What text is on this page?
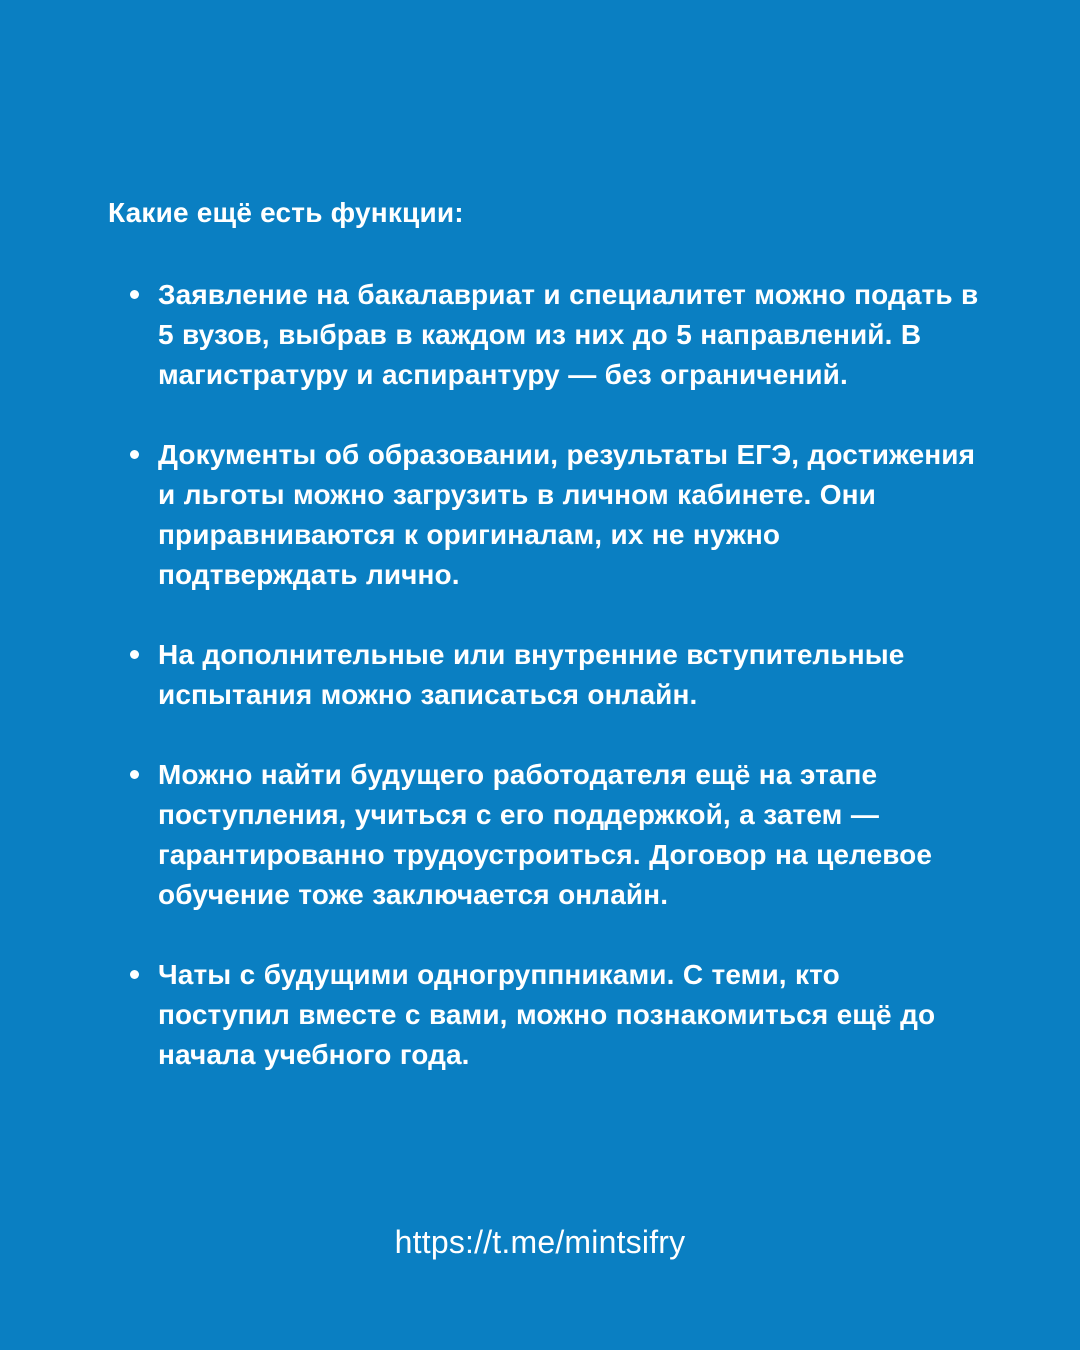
Какие ещё есть функции:
Заявление на бакалавриат и специалитет можно подать в 5 вузов, выбрав в каждом из них до 5 направлений. В магистратуру и аспирантуру — без ограничений.
Документы об образовании, результаты ЕГЭ, достижения и льготы можно загрузить в личном кабинете. Они приравниваются к оригиналам, их не нужно подтверждать лично.
На дополнительные или внутренние вступительные испытания можно записаться онлайн.
Можно найти будущего работодателя ещё на этапе поступления, учиться с его поддержкой, а затем — гарантированно трудоустроиться. Договор на целевое обучение тоже заключается онлайн.
Чаты с будущими одногруппниками. С теми, кто поступил вместе с вами, можно познакомиться ещё до начала учебного года.
https://t.me/mintsifry
